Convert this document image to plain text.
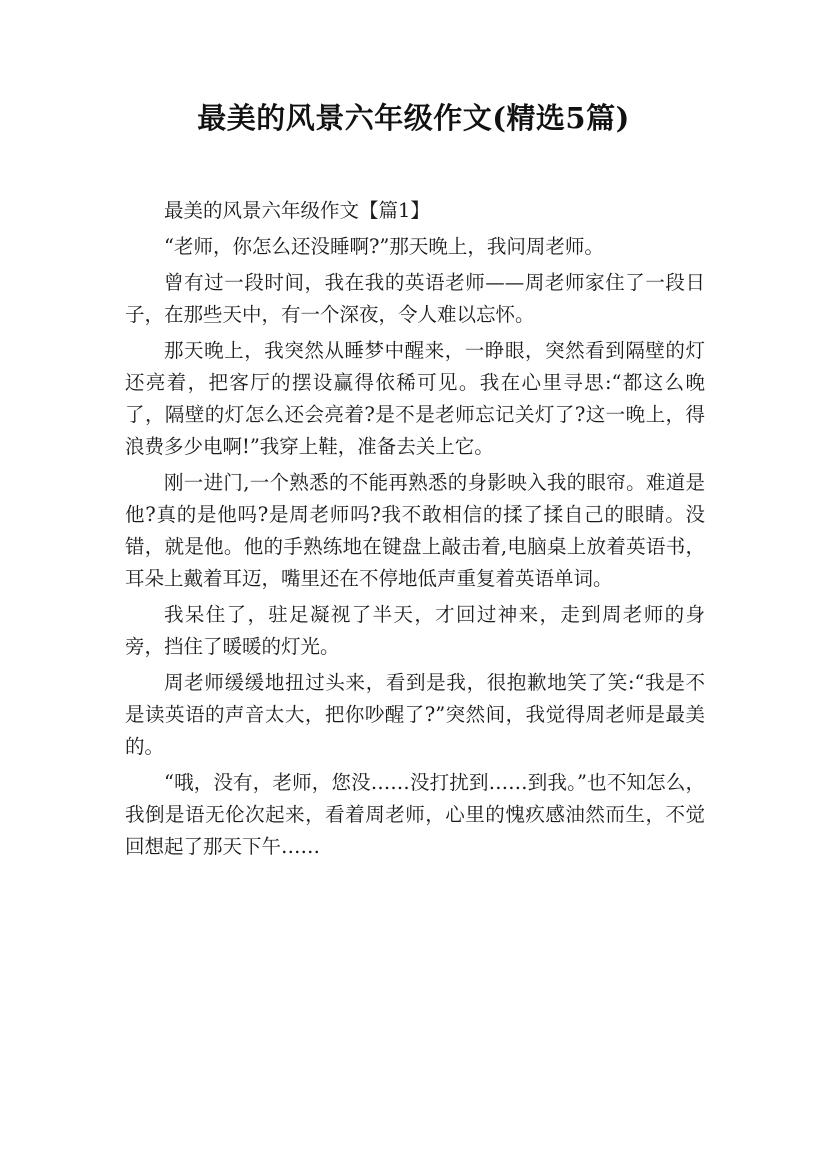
最美的风景六年级作文(精选5篇)

最美的风景六年级作文【篇1】

“老师，你怎么还没睡啊?”那天晚上，我问周老师。

曾有过一段时间，我在我的英语老师——周老师家住了一段日子，在那些天中，有一个深夜，令人难以忘怀。

那天晚上，我突然从睡梦中醒来，一睁眼，突然看到隔壁的灯还亮着，把客厅的摆设赢得依稀可见。我在心里寻思:“都这么晚了，隔壁的灯怎么还会亮着?是不是老师忘记关灯了?这一晚上，得浪费多少电啊!”我穿上鞋，准备去关上它。

刚一进门,一个熟悉的不能再熟悉的身影映入我的眼帘。难道是他?真的是他吗?是周老师吗?我不敢相信的揉了揉自己的眼睛。没错，就是他。他的手熟练地在键盘上敲击着,电脑桌上放着英语书，耳朵上戴着耳迈，嘴里还在不停地低声重复着英语单词。

我呆住了，驻足凝视了半天，才回过神来，走到周老师的身旁，挡住了暖暖的灯光。

周老师缓缓地扭过头来，看到是我，很抱歉地笑了笑:“我是不是读英语的声音太大，把你吵醒了?”突然间，我觉得周老师是最美的。

“哦，没有，老师，您没……没打扰到……到我。”也不知怎么，我倒是语无伦次起来，看着周老师，心里的愧疚感油然而生，不觉回想起了那天下午……
